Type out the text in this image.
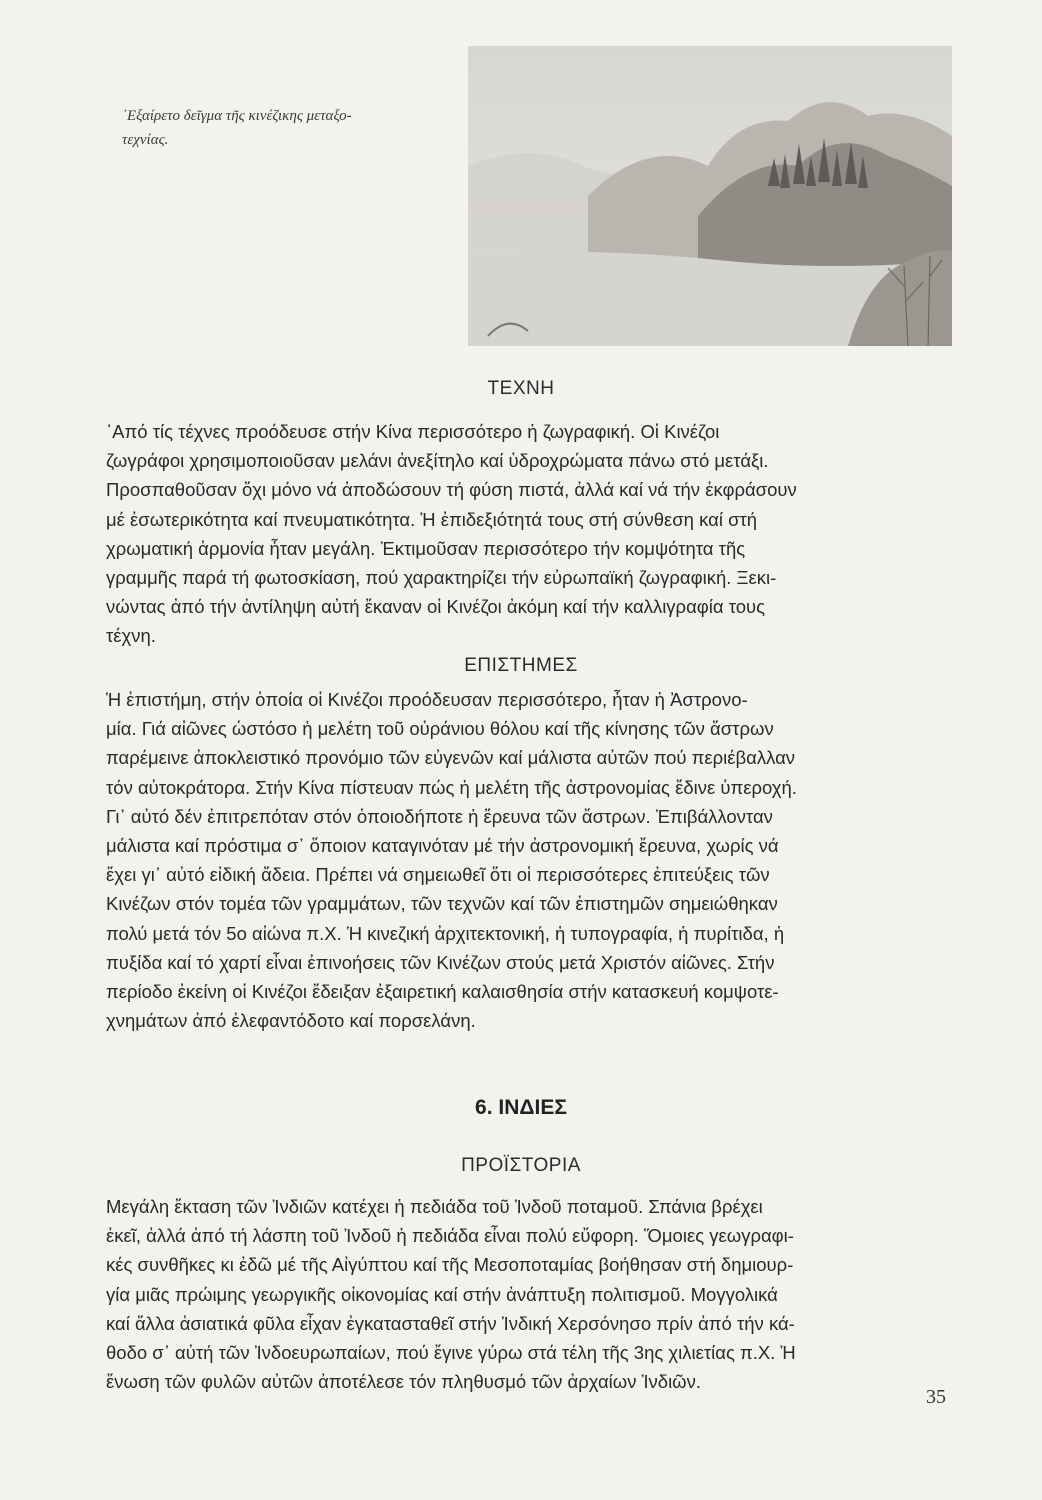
᾿Εξαίρετο δεῖγμα τῆς κινέζικης μεταξο-
τεχνίας.
ΤΕΧΝΗ
᾿Από τίς τέχνες προόδευσε στήν Κίνα περισσότερο ἡ ζωγραφική. Οἱ Κινέζοι
ζωγράφοι χρησιμοποιοῦσαν μελάνι ἀνεξίτηλο καί ὑδροχρώματα πάνω στό μετάξι.
Προσπαθοῦσαν ὄχι μόνο νά ἀποδώσουν τή φύση πιστά, ἀλλά καί νά τήν ἐκφράσουν
μέ ἐσωτερικότητα καί πνευματικότητα. Ἡ ἐπιδεξιότητά τους στή σύνθεση καί στή
χρωματική ἁρμονία ἦταν μεγάλη. Ἐκτιμοῦσαν περισσότερο τήν κομψότητα τῆς
γραμμῆς παρά τή φωτοσκίαση, πού χαρακτηρίζει τήν εὐρωπαϊκή ζωγραφική. Ξεκι-
νώντας ἀπό τήν ἀντίληψη αὐτή ἔκαναν οἱ Κινέζοι ἀκόμη καί τήν καλλιγραφία τους
τέχνη.
ΕΠΙΣΤΗΜΕΣ
Ἡ ἐπιστήμη, στήν ὁποία οἱ Κινέζοι προόδευσαν περισσότερο, ἦταν ἡ Ἀστρονο-
μία. Γιά αἰῶνες ὡστόσο ἡ μελέτη τοῦ οὐράνιου θόλου καί τῆς κίνησης τῶν ἄστρων
παρέμεινε ἀποκλειστικό προνόμιο τῶν εὐγενῶν καί μάλιστα αὐτῶν πού περιέβαλλαν
τόν αὐτοκράτορα. Στήν Κίνα πίστευαν πώς ἡ μελέτη τῆς ἀστρονομίας ἔδινε ὑπεροχή.
Γι᾿ αὐτό δέν ἐπιτρεπόταν στόν ὁποιοδήποτε ἡ ἔρευνα τῶν ἄστρων. Ἐπιβάλλονταν
μάλιστα καί πρόστιμα σ᾿ ὅποιον καταγινόταν μέ τήν ἀστρονομική ἔρευνα, χωρίς νά
ἔχει γι᾿ αὐτό εἰδική ἄδεια. Πρέπει νά σημειωθεῖ ὅτι οἱ περισσότερες ἐπιτεύξεις τῶν
Κινέζων στόν τομέα τῶν γραμμάτων, τῶν τεχνῶν καί τῶν ἐπιστημῶν σημειώθηκαν
πολύ μετά τόν 5ο αἰώνα π.Χ. Ἡ κινεζική ἀρχιτεκτονική, ἡ τυπογραφία, ἡ πυρίτιδα, ἡ
πυξίδα καί τό χαρτί εἶναι ἐπινοήσεις τῶν Κινέζων στούς μετά Χριστόν αἰῶνες. Στήν
περίοδο ἐκείνη οἱ Κινέζοι ἔδειξαν ἐξαιρετική καλαισθησία στήν κατασκευή κομψοτε-
χνημάτων ἀπό ἐλεφαντόδοτο καί πορσελάνη.
6. ΙΝΔΙΕΣ
ΠΡΟΪΣΤΟΡΙΑ
Μεγάλη ἔκταση τῶν Ἰνδιῶν κατέχει ἡ πεδιάδα τοῦ Ἰνδοῦ ποταμοῦ. Σπάνια βρέχει
ἐκεῖ, ἀλλά ἀπό τή λάσπη τοῦ Ἰνδοῦ ἡ πεδιάδα εἶναι πολύ εὔφορη. Ὅμοιες γεωγραφι-
κές συνθῆκες κι ἐδῶ μέ τῆς Αἰγύπτου καί τῆς Μεσοποταμίας βοήθησαν στή δημιουρ-
γία μιᾶς πρώιμης γεωργικῆς οἰκονομίας καί στήν ἀνάπτυξη πολιτισμοῦ. Μογγολικά
καί ἄλλα ἀσιατικά φῦλα εἶχαν ἐγκατασταθεῖ στήν Ἰνδική Χερσόνησο πρίν ἀπό τήν κά-
θοδο σ᾿ αὐτή τῶν Ἰνδοευρωπαίων, πού ἔγινε γύρω στά τέλη τῆς 3ης χιλιετίας π.Χ. Ἡ
ἕνωση τῶν φυλῶν αὐτῶν ἀποτέλεσε τόν πληθυσμό τῶν ἀρχαίων Ἰνδιῶν.
35
